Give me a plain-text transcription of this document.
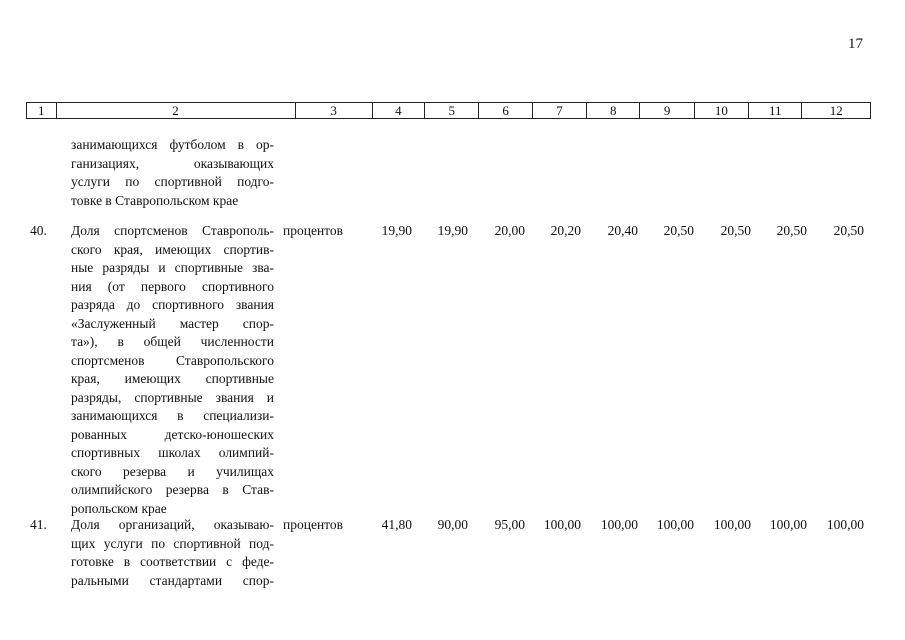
17
1	2	3	4	5	6	7	8	9	10	11	12
занимающихся футболом в ор-
ганизациях, оказывающих
услуги по спортивной подго-
товке в Ставропольском крае
40. Доля спортсменов Ставрополь-
ского края, имеющих спортив-
ные разряды и спортивные зва-
ния (от первого спортивного
разряда до спортивного звания
«Заслуженный мастер спор-
та»), в общей численности
спортсменов Ставропольского
края, имеющих спортивные
разряды, спортивные звания и
занимающихся в специализи-
рованных детско-юношеских
спортивных школах олимпий-
ского резерва и училищах
олимпийского резерва в Став-
ропольском крае
процентов	19,90	19,90	20,00	20,20	20,40	20,50	20,50	20,50	20,50
41. Доля организаций, оказываю-
щих услуги по спортивной под-
готовке в соответствии с феде-
ральными стандартами спор-
процентов	41,80	90,00	95,00	100,00	100,00	100,00	100,00	100,00	100,00
